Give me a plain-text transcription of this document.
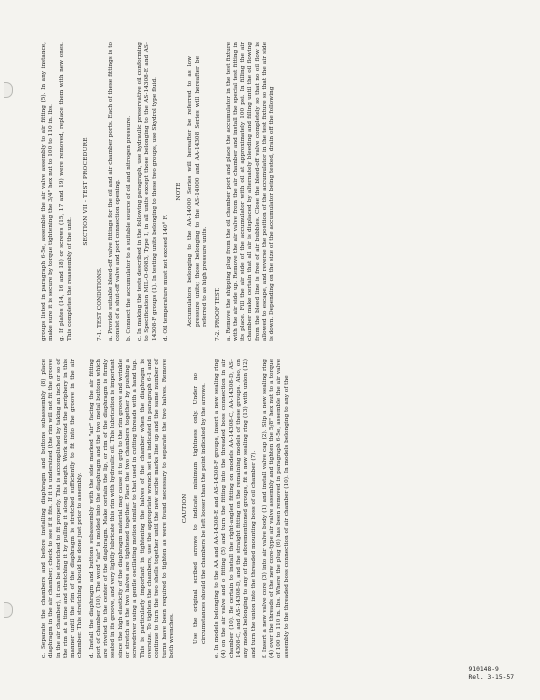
c. Separate the chambers and before installing diaphragm and buttons subassembly (8) place diaphragm in the air chamber; check to see if it fits. If it is undersized (the rim will not fit the groove in the air chamber), it can be stretched to fit properly. This is accomplished by taking an inch or so of the rim at a time and stretching it by pulling it along its length. Work around the periphery in this manner until the rim of the diaphragm is stretched sufficiently to fit into the groove in the air chamber. This stretching should be done just prior to assembly. d. Install the diaphragm and buttons subassembly with the side marked "air" facing the air fitting port of chamber (10). The word "air" is molded into the diaphragm and the two metal buttons which are riveted to the center of the diaphragm. Make certain the lip, or rim of the diaphragm is firmly seated in its groove, and very lightly lubricate this rim with hydraulic oil. This lubrication is important since the high elasticity of the diaphragm material may cause it to grip to the rim groove and wrinkle or stretch as the two halves are tightened together. Place the two chambers together by pushing a screwdriver using a gentle oscillating motion similar to that used in cutting threads with a hand tap. This is particularly important in tightening the halves of the chamber when the diaphragm is oversize. To tighten the chambers, use the appropriate wrench set as indicated in paragraph 6-1 and continue to turn the two shells together until the new scribe marks line up and the same number of turns have been required to tighten as were found necessary to separate the two halves. Remove both wrenches.

CAUTION Use the original scribed arrows to indicate minimum tightness only. Under no circumstances should the chambers be left looser than the point indicated by the arrows. e. In models belonging to the AA and AA-14308-E and AS-14308-F groups, insert a new sealing ring (4) on the air valve and o fitting (5) and turn the fitting into the threaded boss connection in air chamber (10). Be certain to install the right-angled fitting on models AA-14308-C, AA-14308-D, AS-14308-C, and AS-14308-D, and the straight fitting on the remaining models of these groups. Also, on any model belonging to any of the aforementioned groups, fit a new sealing ring (13) with union (12) and turn the union into the threaded mounting boss of oil chamber (7). f. Insert a new valve core (3) into air valve body (1) and install valve cap (2). Slip a new sealing ring (4) over the threads of the new core-type air valve assembly and tighten the 5/8" hex nut to a torque of 100 to 110 in. lbs. Where the plug (6) has been removed in paragraph 6-5e, assemble the air valve assembly to the threaded boss connection of air chamber (10). In models belonging to any of the

groups listed in paragraph 6-5e, assemble the air valve assembly to air fitting (5). In any instance, make sure it is secure by torque tightening the 3/4" hex nut to 100 to 110 in. lbs. g. If plates (14, 16 and 18) or screws (15, 17 and 19) were removed, replace them with new ones. This completes the reassembly of the unit.

SECTION VII - TEST PROCEDURE
7-1. TEST CONDITIONS. a. Provide suitable bleed-off valve fittings for the oil and air chamber ports. Each of these fittings is to consist of a shut-off valve and port connection opening. b. Connect the accumulator to a suitable source of oil and nitrogen pressure. c. In making the tests described in the following paragraph, use hydraulic preservative oil conforming to Specification MIL-O-6083, Type I, in all units except those belonging to the AS-14308-E and AS-14308-F groups (1). In testing units belonging to these two groups, use Skydrol type fluid. d. Oil temperature must not exceed 140° F.

NOTE Accumulators belonging to the AA-14000 Series will hereafter be referred to as low pressure units; those belonging to the AS-14000 and AA-14308 Series will hereafter be referred to as high pressure units. 7-2. PROOF TEST. a. Remove the shipping plug from the oil chamber port and place the accumulator in the test fixture with the air side up. Remove the air valve from the air chamber and install the special test fitting in its place. Fill the air side of the accumulator with oil at approximately 100 psi. In filling the air chamber make certain that all air is displaced by alternately bleeding and filling until the oil flowing from the bleed line is free of air bubbles. Close the bleed-off valve completely so that no oil flow is allowed to escape, and reverse the position of the accumulator in the test fixture so that the air side is down. Depending on the size of the accumulator being tested, drain off the following

910148-9
Rel. 3-15-57
